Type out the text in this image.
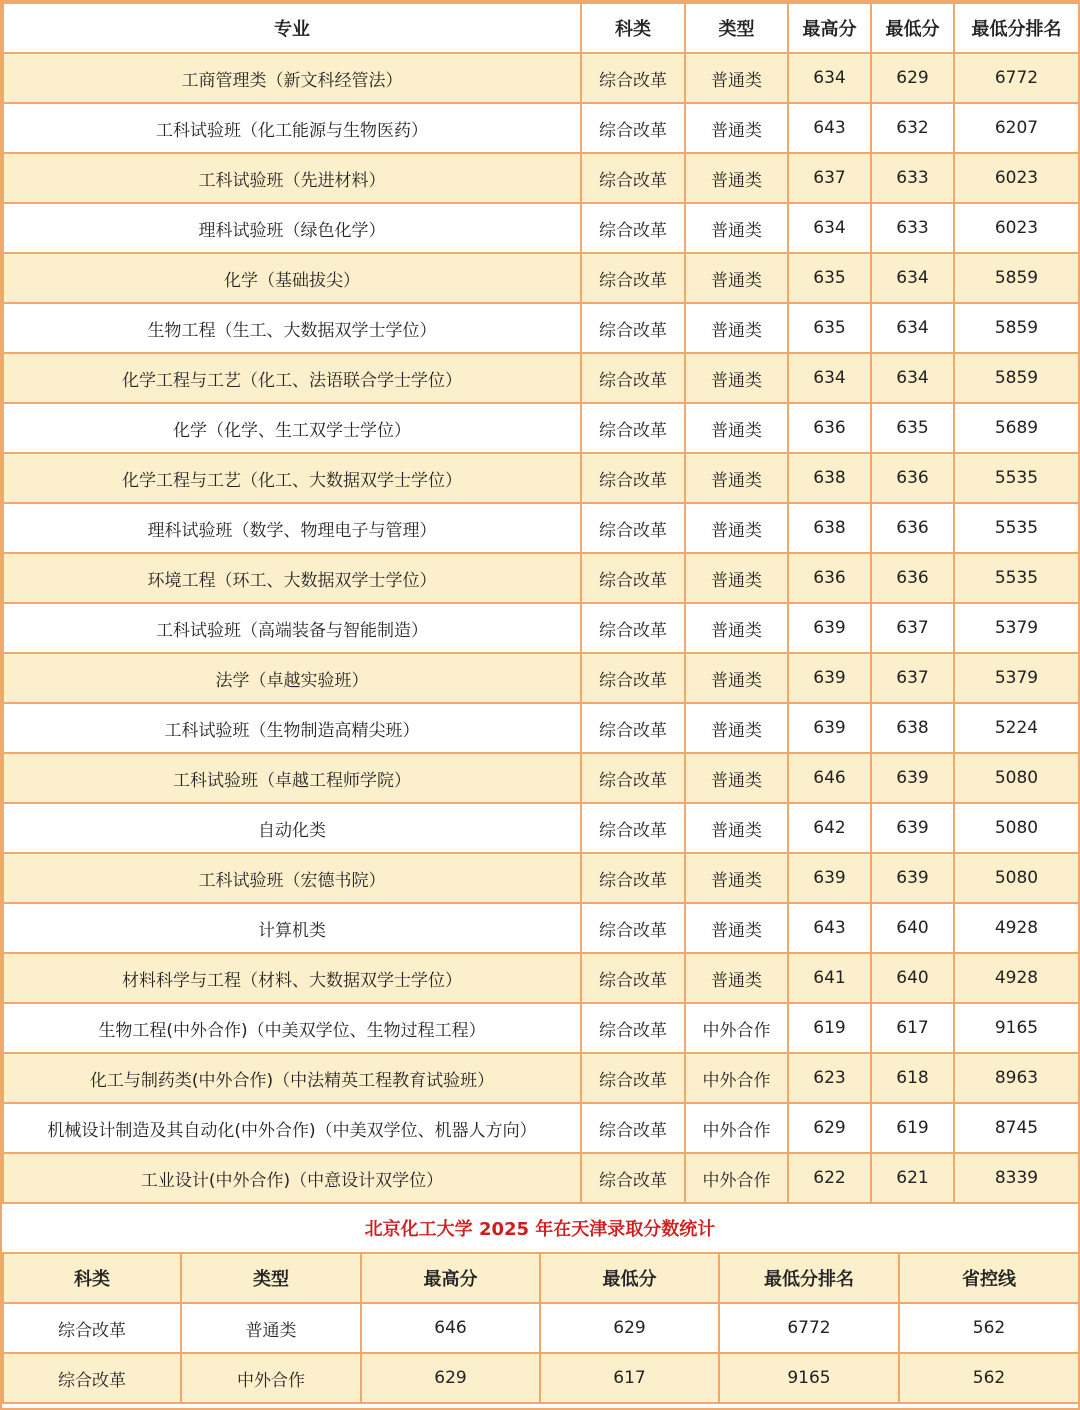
专业	科类	类型	最高分	最低分	最低分排名
工商管理类（新文科经管法）	综合改革	普通类	634	629	6772
工科试验班（化工能源与生物医药）	综合改革	普通类	643	632	6207
工科试验班（先进材料）	综合改革	普通类	637	633	6023
理科试验班（绿色化学）	综合改革	普通类	634	633	6023
化学（基础拔尖）	综合改革	普通类	635	634	5859
生物工程（生工、大数据双学士学位）	综合改革	普通类	635	634	5859
化学工程与工艺（化工、法语联合学士学位）	综合改革	普通类	634	634	5859
化学（化学、生工双学士学位）	综合改革	普通类	636	635	5689
化学工程与工艺（化工、大数据双学士学位）	综合改革	普通类	638	636	5535
理科试验班（数学、物理电子与管理）	综合改革	普通类	638	636	5535
环境工程（环工、大数据双学士学位）	综合改革	普通类	636	636	5535
工科试验班（高端装备与智能制造）	综合改革	普通类	639	637	5379
法学（卓越实验班）	综合改革	普通类	639	637	5379
工科试验班（生物制造高精尖班）	综合改革	普通类	639	638	5224
工科试验班（卓越工程师学院）	综合改革	普通类	646	639	5080
自动化类	综合改革	普通类	642	639	5080
工科试验班（宏德书院）	综合改革	普通类	639	639	5080
计算机类	综合改革	普通类	643	640	4928
材料科学与工程（材料、大数据双学士学位）	综合改革	普通类	641	640	4928
生物工程(中外合作)（中美双学位、生物过程工程）	综合改革	中外合作	619	617	9165
化工与制药类(中外合作)（中法精英工程教育试验班）	综合改革	中外合作	623	618	8963
机械设计制造及其自动化(中外合作)（中美双学位、机器人方向）	综合改革	中外合作	629	619	8745
工业设计(中外合作)（中意设计双学位）	综合改革	中外合作	622	621	8339
北京化工大学 2025 年在天津录取分数统计
科类	类型	最高分	最低分	最低分排名	省控线
综合改革	普通类	646	629	6772	562
综合改革	中外合作	629	617	9165	562
